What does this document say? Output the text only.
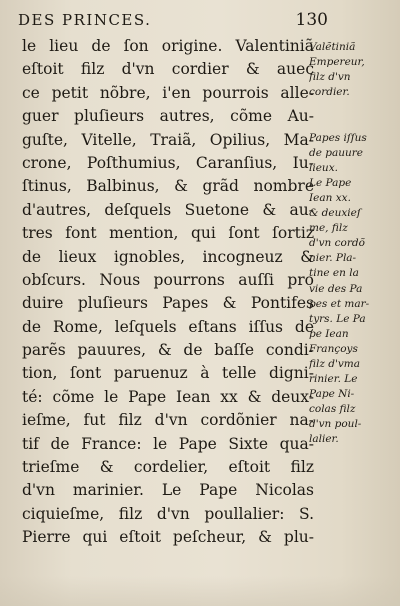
DES PRINCES.	130
le lieu de ſon origine. Valentiniã
eſtoit filz d'vn cordier & auec
ce petit nõbre, i'en pourrois alle-
guer pluſieurs autres, cõme Au-
guſte, Vitelle, Traiã, Opilius, Ma-
crone, Poſthumius, Caranſius, Iu-
ſtinus, Balbinus, & grãd nombre
d'autres, deſquels Suetone & au-
tres font mention, qui ſont ſortiz
de lieux ignobles, incogneuz &
obſcurs. Nous pourrons auſſi pro
duire pluſieurs Papes & Pontifes
de Rome, leſquels eſtans iſſus de
parẽs pauures, & de baſſe condi-
tion, ſont paruenuz à telle digni-
té: cõme le Pape Iean xx & deux-
ieſme, fut filz d'vn cordõnier na-
tif de France: le Pape Sixte qua-
trieſme & cordelier, eſtoit filz
d'vn marinier. Le Pape Nicolas
ciquieſme, filz d'vn poullalier: S.
Pierre qui eſtoit peſcheur, & plu-
Valẽtiniã
Empereur,
filz d'vn
cordier.
Papes iſſus
de pauure
lieux.
Le Pape
Iean xx.
& deuxieſ
me, filz
d'vn cordõ
nier. Pla-
tine en la
vie des Pa
pes et mar-
tyrs. Le Pa
pe Iean
Françoys
filz d'vma
rinier. Le
Pape Ni-
colas filz
d'vn poul-
lalier.
